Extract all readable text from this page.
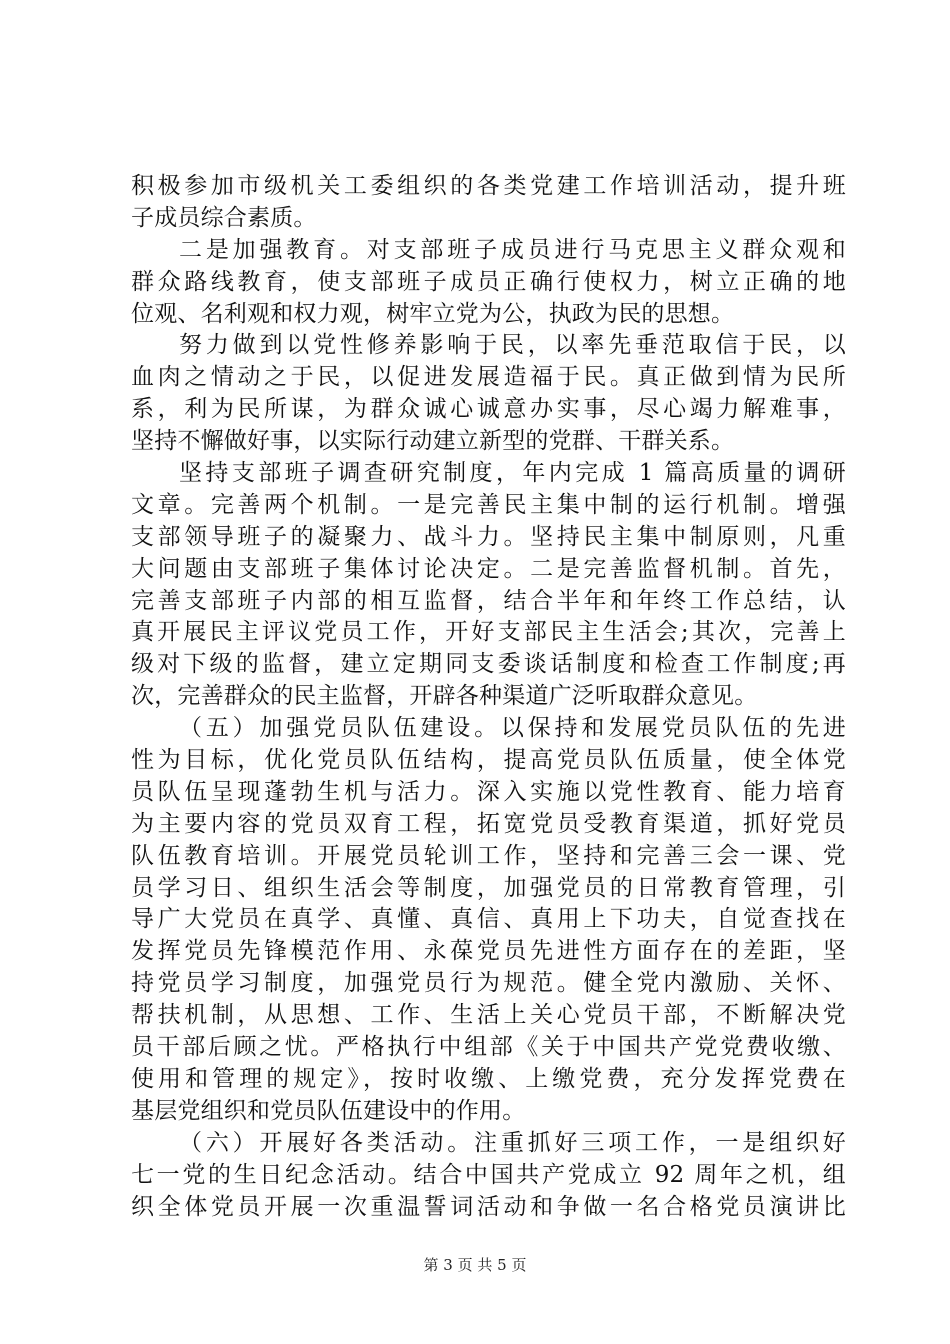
积极参加市级机关工委组织的各类党建工作培训活动，提升班
子成员综合素质。
二是加强教育。对支部班子成员进行马克思主义群众观和
群众路线教育，使支部班子成员正确行使权力，树立正确的地
位观、名利观和权力观，树牢立党为公，执政为民的思想。
努力做到以党性修养影响于民，以率先垂范取信于民，以
血肉之情动之于民，以促进发展造福于民。真正做到情为民所
系，利为民所谋，为群众诚心诚意办实事，尽心竭力解难事，
坚持不懈做好事，以实际行动建立新型的党群、干群关系。
坚持支部班子调查研究制度，年内完成 1 篇高质量的调研
文章。完善两个机制。一是完善民主集中制的运行机制。增强
支部领导班子的凝聚力、战斗力。坚持民主集中制原则，凡重
大问题由支部班子集体讨论决定。二是完善监督机制。首先，
完善支部班子内部的相互监督，结合半年和年终工作总结，认
真开展民主评议党员工作，开好支部民主生活会;其次，完善上
级对下级的监督，建立定期同支委谈话制度和检查工作制度;再
次，完善群众的民主监督，开辟各种渠道广泛听取群众意见。
（五）加强党员队伍建设。以保持和发展党员队伍的先进
性为目标，优化党员队伍结构，提高党员队伍质量，使全体党
员队伍呈现蓬勃生机与活力。深入实施以党性教育、能力培育
为主要内容的党员双育工程，拓宽党员受教育渠道，抓好党员
队伍教育培训。开展党员轮训工作，坚持和完善三会一课、党
员学习日、组织生活会等制度，加强党员的日常教育管理，引
导广大党员在真学、真懂、真信、真用上下功夫，自觉查找在
发挥党员先锋模范作用、永葆党员先进性方面存在的差距，坚
持党员学习制度，加强党员行为规范。健全党内激励、关怀、
帮扶机制，从思想、工作、生活上关心党员干部，不断解决党
员干部后顾之忧。严格执行中组部《关于中国共产党党费收缴、
使用和管理的规定》，按时收缴、上缴党费，充分发挥党费在
基层党组织和党员队伍建设中的作用。
（六）开展好各类活动。注重抓好三项工作，一是组织好
七一党的生日纪念活动。结合中国共产党成立 92 周年之机，组
织全体党员开展一次重温誓词活动和争做一名合格党员演讲比
第 3 页 共 5 页
